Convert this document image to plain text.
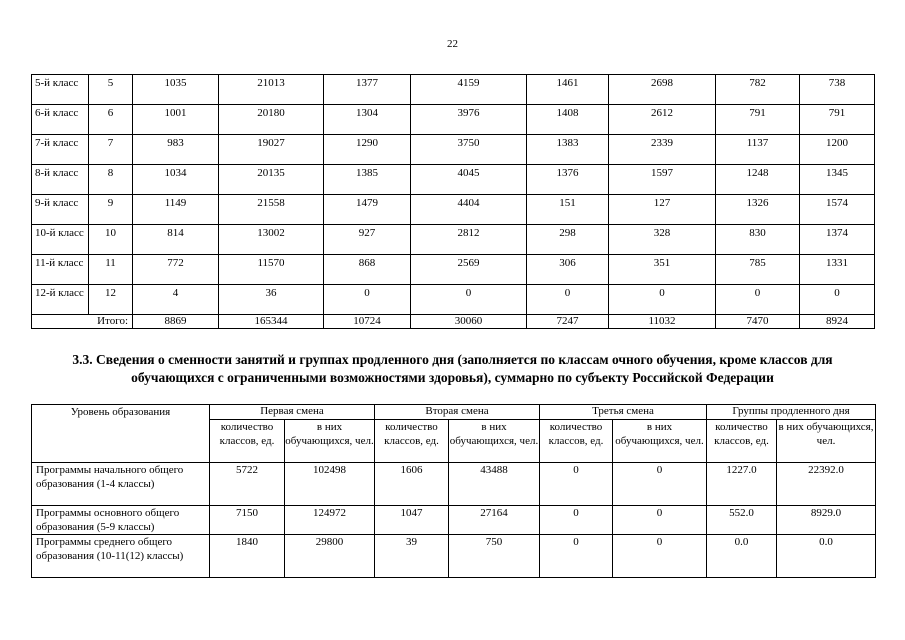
22
5-й класс	5	1035	21013	1377	4159	1461	2698	782	738
6-й класс	6	1001	20180	1304	3976	1408	2612	791	791
7-й класс	7	983	19027	1290	3750	1383	2339	1137	1200
8-й класс	8	1034	20135	1385	4045	1376	1597	1248	1345
9-й класс	9	1149	21558	1479	4404	151	127	1326	1574
10-й класс	10	814	13002	927	2812	298	328	830	1374
11-й класс	11	772	11570	868	2569	306	351	785	1331
12-й класс	12	4	36	0	0	0	0	0	0
Итого:		8869	165344	10724	30060	7247	11032	7470	8924
3.3. Сведения о сменности занятий и группах продленного дня (заполняется по классам очного обучения, кроме классов для обучающихся с ограниченными возможностями здоровья), суммарно по субъекту Российской Федерации
Уровень образования	Первая смена		Вторая смена		Третья смена		Группы продленного дня	
	количество классов, ед.	в них обучающихся, чел.	количество классов, ед.	в них обучающихся, чел.	количество классов, ед.	в них обучающихся, чел.	количество классов, ед.	в них обучающихся, чел.
Программы начального общего образования (1-4 классы)	5722	102498	1606	43488	0	0	1227.0	22392.0
Программы основного общего образования (5-9 классы)	7150	124972	1047	27164	0	0	552.0	8929.0
Программы среднего общего образования (10-11(12) классы)	1840	29800	39	750	0	0	0.0	0.0
